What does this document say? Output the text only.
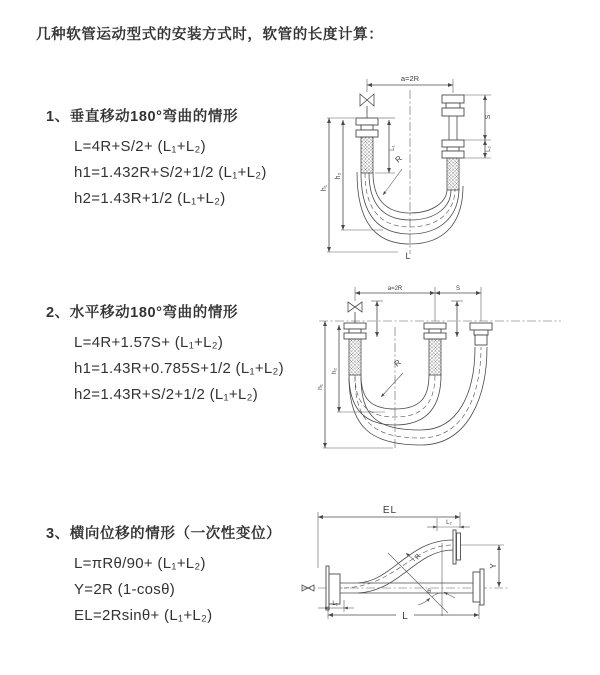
几种软管运动型式的安装方式时，软管的长度计算：
1、垂直移动180°弯曲的情形
L=4R+S/2+ (L₁+L₂)
h1=1.432R+S/2+1/2 (L₁+L₂)
h2=1.43R+1/2 (L₁+L₂)
2、水平移动180°弯曲的情形
L=4R+1.57S+ (L₁+L₂)
h1=1.43R+0.785S+1/2 (L₁+L₂)
h2=1.43R+S/2+1/2 (L₁+L₂)
3、横向位移的情形（一次性变位）
L=πRθ/90+ (L₁+L₂)
Y=2R (1-cosθ)
EL=2Rsinθ+ (L₁+L₂)
a=2R
R
h₁
h₂
L₁
S
L₂
L
a=2R	S
R
h₁
h₂
EL
L₂
Y
R
θ
L₁
L
